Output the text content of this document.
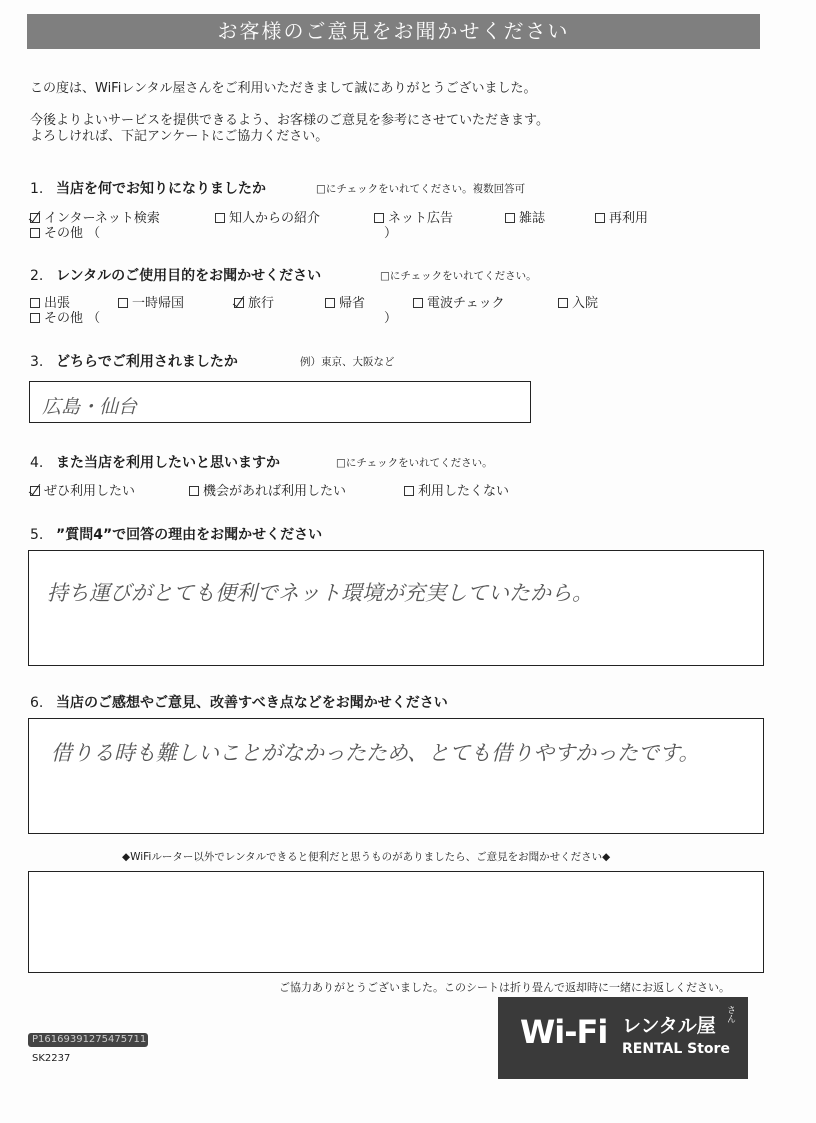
お客様のご意見をお聞かせください
この度は、WiFiレンタル屋さんをご利用いただきまして誠にありがとうございました。
今後よりよいサービスを提供できるよう、お客様のご意見を参考にさせていただきます。
よろしければ、下記アンケートにご協力ください。
1. 当店を何でお知りになりましたか	□にチェックをいれてください。複数回答可
インターネット検索	知人からの紹介	ネット広告	雑誌	再利用
その他 （	）
2. レンタルのご使用目的をお聞かせください	□にチェックをいれてください。
出張	一時帰国	旅行	帰省	電波チェック	入院
その他 （	）
3. どちらでご利用されましたか	例）東京、大阪など
広島・仙台
4. また当店を利用したいと思いますか	□にチェックをいれてください。
ぜひ利用したい	機会があれば利用したい	利用したくない
5. ”質問4”で回答の理由をお聞かせください
持ち運びがとても便利でネット環境が充実していたから。
6. 当店のご感想やご意見、改善すべき点などをお聞かせください
借りる時も難しいことがなかったため、とても借りやすかったです。
◆WiFiルーター以外でレンタルできると便利だと思うものがありましたら、ご意見をお聞かせください◆
ご協力ありがとうございました。このシートは折り畳んで返却時に一緒にお返しください。
Wi-Fi レンタル屋
さん
RENTAL Store
P16169391275475711
SK2237
